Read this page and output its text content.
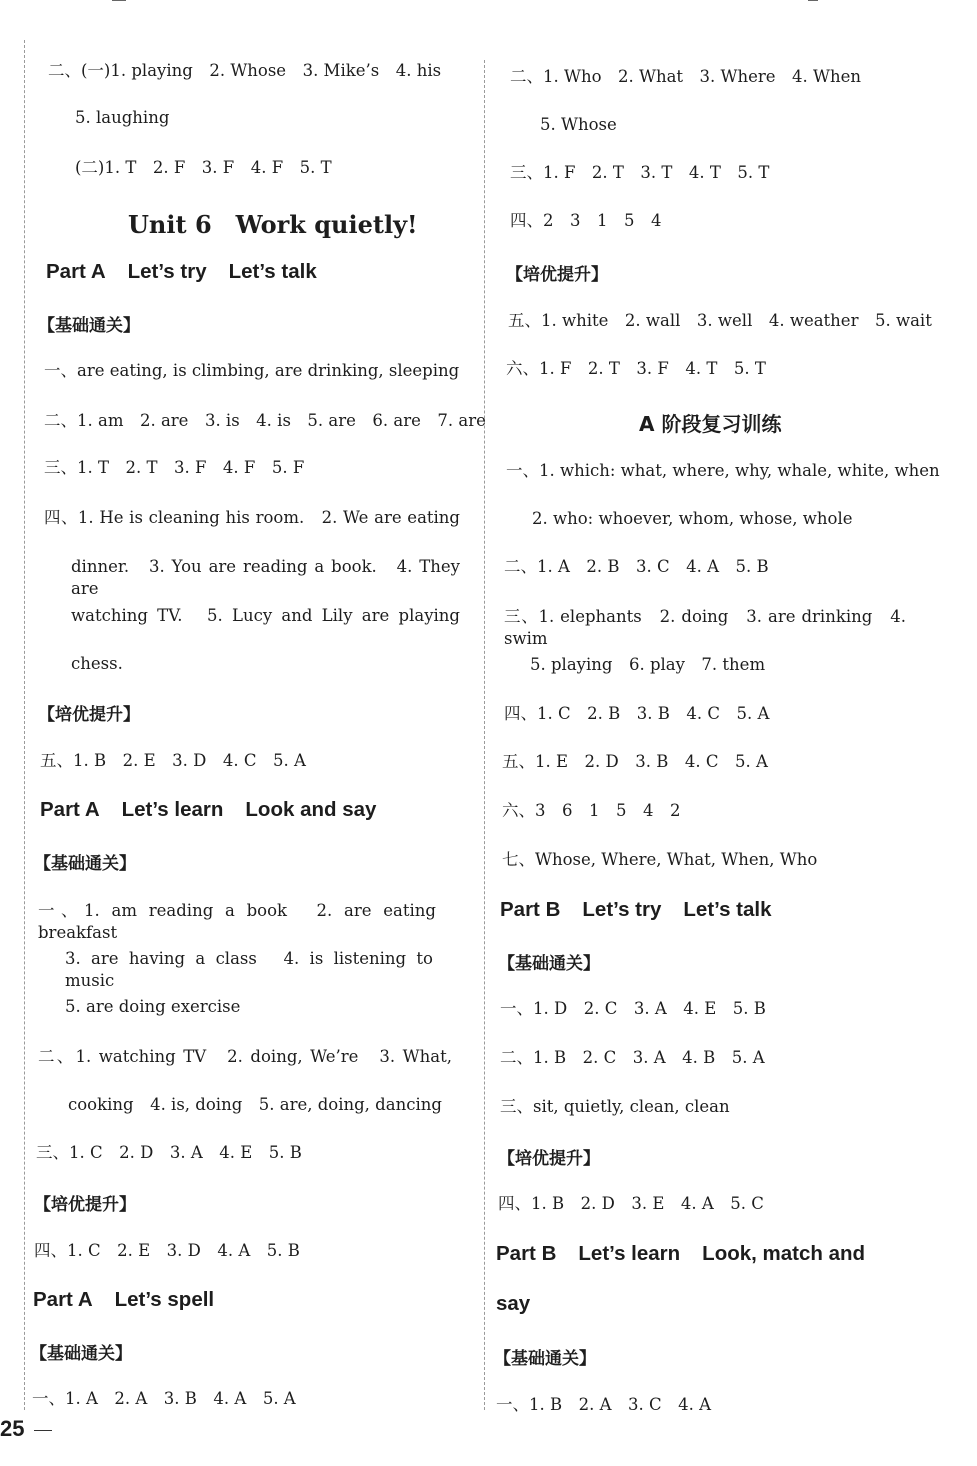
二、(一)1. playing　2. Whose　3. Mike’s　4. his
5. laughing
(二)1. T　2. F　3. F　4. F　5. T
Unit 6　Work quietly!
Part A Let’s try Let’s talk
【基础通关】
一、are eating, is climbing, are drinking, sleeping
二、1. am　2. are　3. is　4. is　5. are　6. are　7. are
三、1. T　2. T　3. F　4. F　5. F
四、1. He is cleaning his room.　2. We are eating
dinner.　3. You are reading a book.　4. They are
watching TV.　5. Lucy and Lily are playing
chess.
【培优提升】
五、1. B　2. E　3. D　4. C　5. A
Part A Let’s learn Look and say
【基础通关】
一、1. am reading a book　2. are eating breakfast
3. are having a class　4. is listening to music
5. are doing exercise
二、1. watching TV　2. doing, We’re　3. What,
cooking　4. is, doing　5. are, doing, dancing
三、1. C　2. D　3. A　4. E　5. B
【培优提升】
四、1. C　2. E　3. D　4. A　5. B
Part A Let’s spell
【基础通关】
一、1. A　2. A　3. B　4. A　5. A
二、1. Who　2. What　3. Where　4. When
5. Whose
三、1. F　2. T　3. T　4. T　5. T
四、2　3　1　5　4
【培优提升】
五、1. white　2. wall　3. well　4. weather　5. wait
六、1. F　2. T　3. F　4. T　5. T
A 阶段复习训练
一、1. which: what, where, why, whale, white, when
2. who: whoever, whom, whose, whole
二、1. A　2. B　3. C　4. A　5. B
三、1. elephants　2. doing　3. are drinking　4. swim
5. playing　6. play　7. them
四、1. C　2. B　3. B　4. C　5. A
五、1. E　2. D　3. B　4. C　5. A
六、3　6　1　5　4　2
七、Whose, Where, What, When, Who
Part B Let’s try Let’s talk
【基础通关】
一、1. D　2. C　3. A　4. E　5. B
二、1. B　2. C　3. A　4. B　5. A
三、sit, quietly, clean, clean
【培优提升】
四、1. B　2. D　3. E　4. A　5. C
Part B Let’s learn Look, match and
say
【基础通关】
一、1. B　2. A　3. C　4. A
25
